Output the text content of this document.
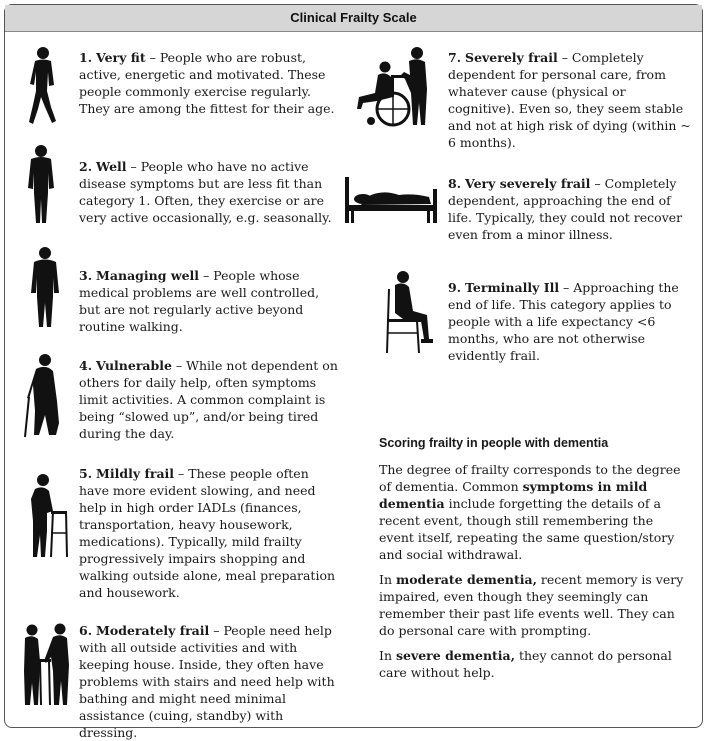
Clinical Frailty Scale
1. Very fit – People who are robust, active, energetic and motivated. These people commonly exercise regularly. They are among the fittest for their age.
2. Well – People who have no active disease symptoms but are less fit than category 1. Often, they exercise or are very active occasionally, e.g. seasonally.
3. Managing well – People whose medical problems are well controlled, but are not regularly active beyond routine walking.
4. Vulnerable – While not dependent on others for daily help, often symptoms limit activities. A common complaint is being “slowed up”, and/or being tired during the day.
5. Mildly frail – These people often have more evident slowing, and need help in high order IADLs (finances, transportation, heavy housework, medications). Typically, mild frailty progressively impairs shopping and walking outside alone, meal preparation and housework.
6. Moderately frail – People need help with all outside activities and with keeping house. Inside, they often have problems with stairs and need help with bathing and might need minimal assistance (cuing, standby) with dressing.
7. Severely frail – Completely dependent for personal care, from whatever cause (physical or cognitive). Even so, they seem stable and not at high risk of dying (within ~ 6 months).
8. Very severely frail – Completely dependent, approaching the end of life. Typically, they could not recover even from a minor illness.
9. Terminally Ill – Approaching the end of life. This category applies to people with a life expectancy <6 months, who are not otherwise evidently frail.
Scoring frailty in people with dementia

The degree of frailty corresponds to the degree of dementia. Common symptoms in mild dementia include forgetting the details of a recent event, though still remembering the event itself, repeating the same question/story and social withdrawal.

In moderate dementia, recent memory is very impaired, even though they seemingly can remember their past life events well. They can do personal care with prompting.

In severe dementia, they cannot do personal care without help.
